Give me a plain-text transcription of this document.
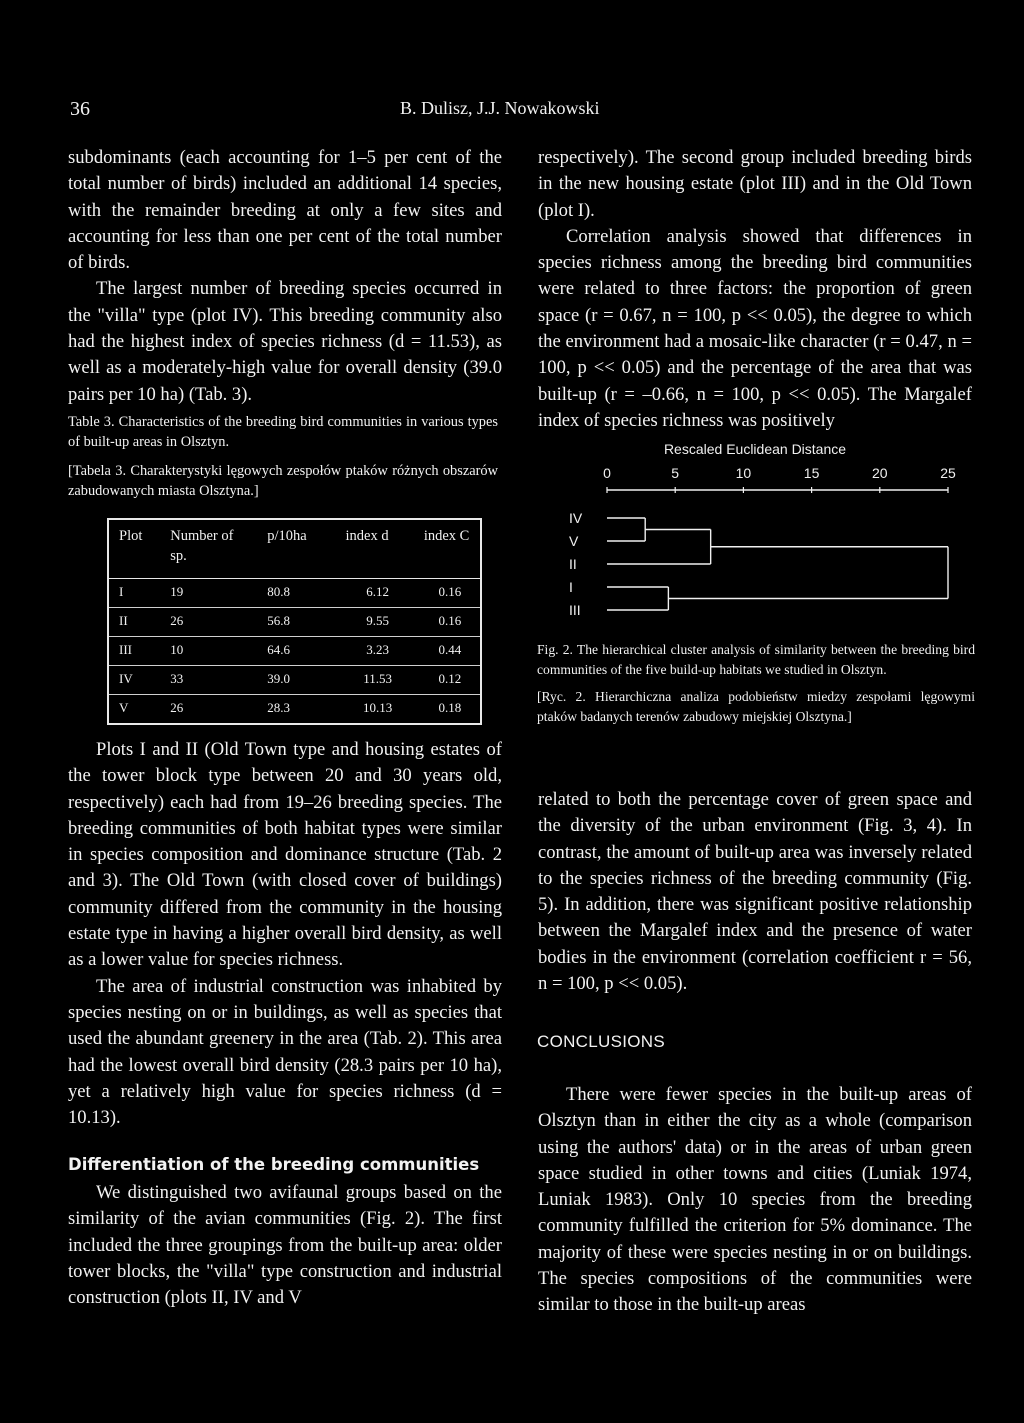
36	B. Dulisz, J.J. Nowakowski

subdominants (each accounting for 1–5 per cent of the total number of birds) included an additional 14 species, with the remainder breeding at only a few sites and accounting for less than one per cent of the total number of birds.

The largest number of breeding species occurred in the "villa" type (plot IV). This breeding community also had the highest index of species richness (d = 11.53), as well as a moderately-high value for overall density (39.0 pairs per 10 ha) (Tab. 3).

Table 3. Characteristics of the breeding bird communities in various types of built-up areas in Olsztyn.

[Tabela 3. Charakterystyki lęgowych zespołów ptaków różnych obszarów zabudowanych miasta Olsztyna.]

Plot	Number of sp.	p/10ha	index d	index C
I	19	80.8	6.12	0.16
II	26	56.8	9.55	0.16
III	10	64.6	3.23	0.44
IV	33	39.0	11.53	0.12
V	26	28.3	10.13	0.18

Plots I and II (Old Town type and housing estates of the tower block type between 20 and 30 years old, respectively) each had from 19–26 breeding species. The breeding communities of both habitat types were similar in species composition and dominance structure (Tab. 2 and 3). The Old Town (with closed cover of buildings) community differed from the community in the housing estate type in having a higher overall bird density, as well as a lower value for species richness.

The area of industrial construction was inhabited by species nesting on or in buildings, as well as species that used the abundant greenery in the area (Tab. 2). This area had the lowest overall bird density (28.3 pairs per 10 ha), yet a relatively high value for species richness (d = 10.13).

Differentiation of the breeding communities

We distinguished two avifaunal groups based on the similarity of the avian communities (Fig. 2). The first included the three groupings from the built-up area: older tower blocks, the "villa" type construction and industrial construction (plots II, IV and V

respectively). The second group included breeding birds in the new housing estate (plot III) and in the Old Town (plot I).

Correlation analysis showed that differences in species richness among the breeding bird communities were related to three factors: the proportion of green space (r = 0.67, n = 100, p << 0.05), the degree to which the environment had a mosaic-like character (r = 0.47, n = 100, p << 0.05) and the percentage of the area that was built-up (r = –0.66, n = 100, p << 0.05). The Margalef index of species richness was positively

Rescaled Euclidean Distance
0	5	10	15	20	25
IV
V
II
I
III

Fig. 2. The hierarchical cluster analysis of similarity between the breeding bird communities of the five build-up habitats we studied in Olsztyn.

[Ryc. 2. Hierarchiczna analiza podobieństw miedzy zespołami lęgowymi ptaków badanych terenów zabudowy miejskiej Olsztyna.]

related to both the percentage cover of green space and the diversity of the urban environment (Fig. 3, 4). In contrast, the amount of built-up area was inversely related to the species richness of the breeding community (Fig. 5). In addition, there was significant positive relationship between the Margalef index and the presence of water bodies in the environment (correlation coefficient r = 56, n = 100, p << 0.05).

CONCLUSIONS

There were fewer species in the built-up areas of Olsztyn than in either the city as a whole (comparison using the authors' data) or in the areas of urban green space studied in other towns and cities (Luniak 1974, Luniak 1983). Only 10 species from the breeding community fulfilled the criterion for 5% dominance. The majority of these were species nesting in or on buildings. The species compositions of the communities were similar to those in the built-up areas
